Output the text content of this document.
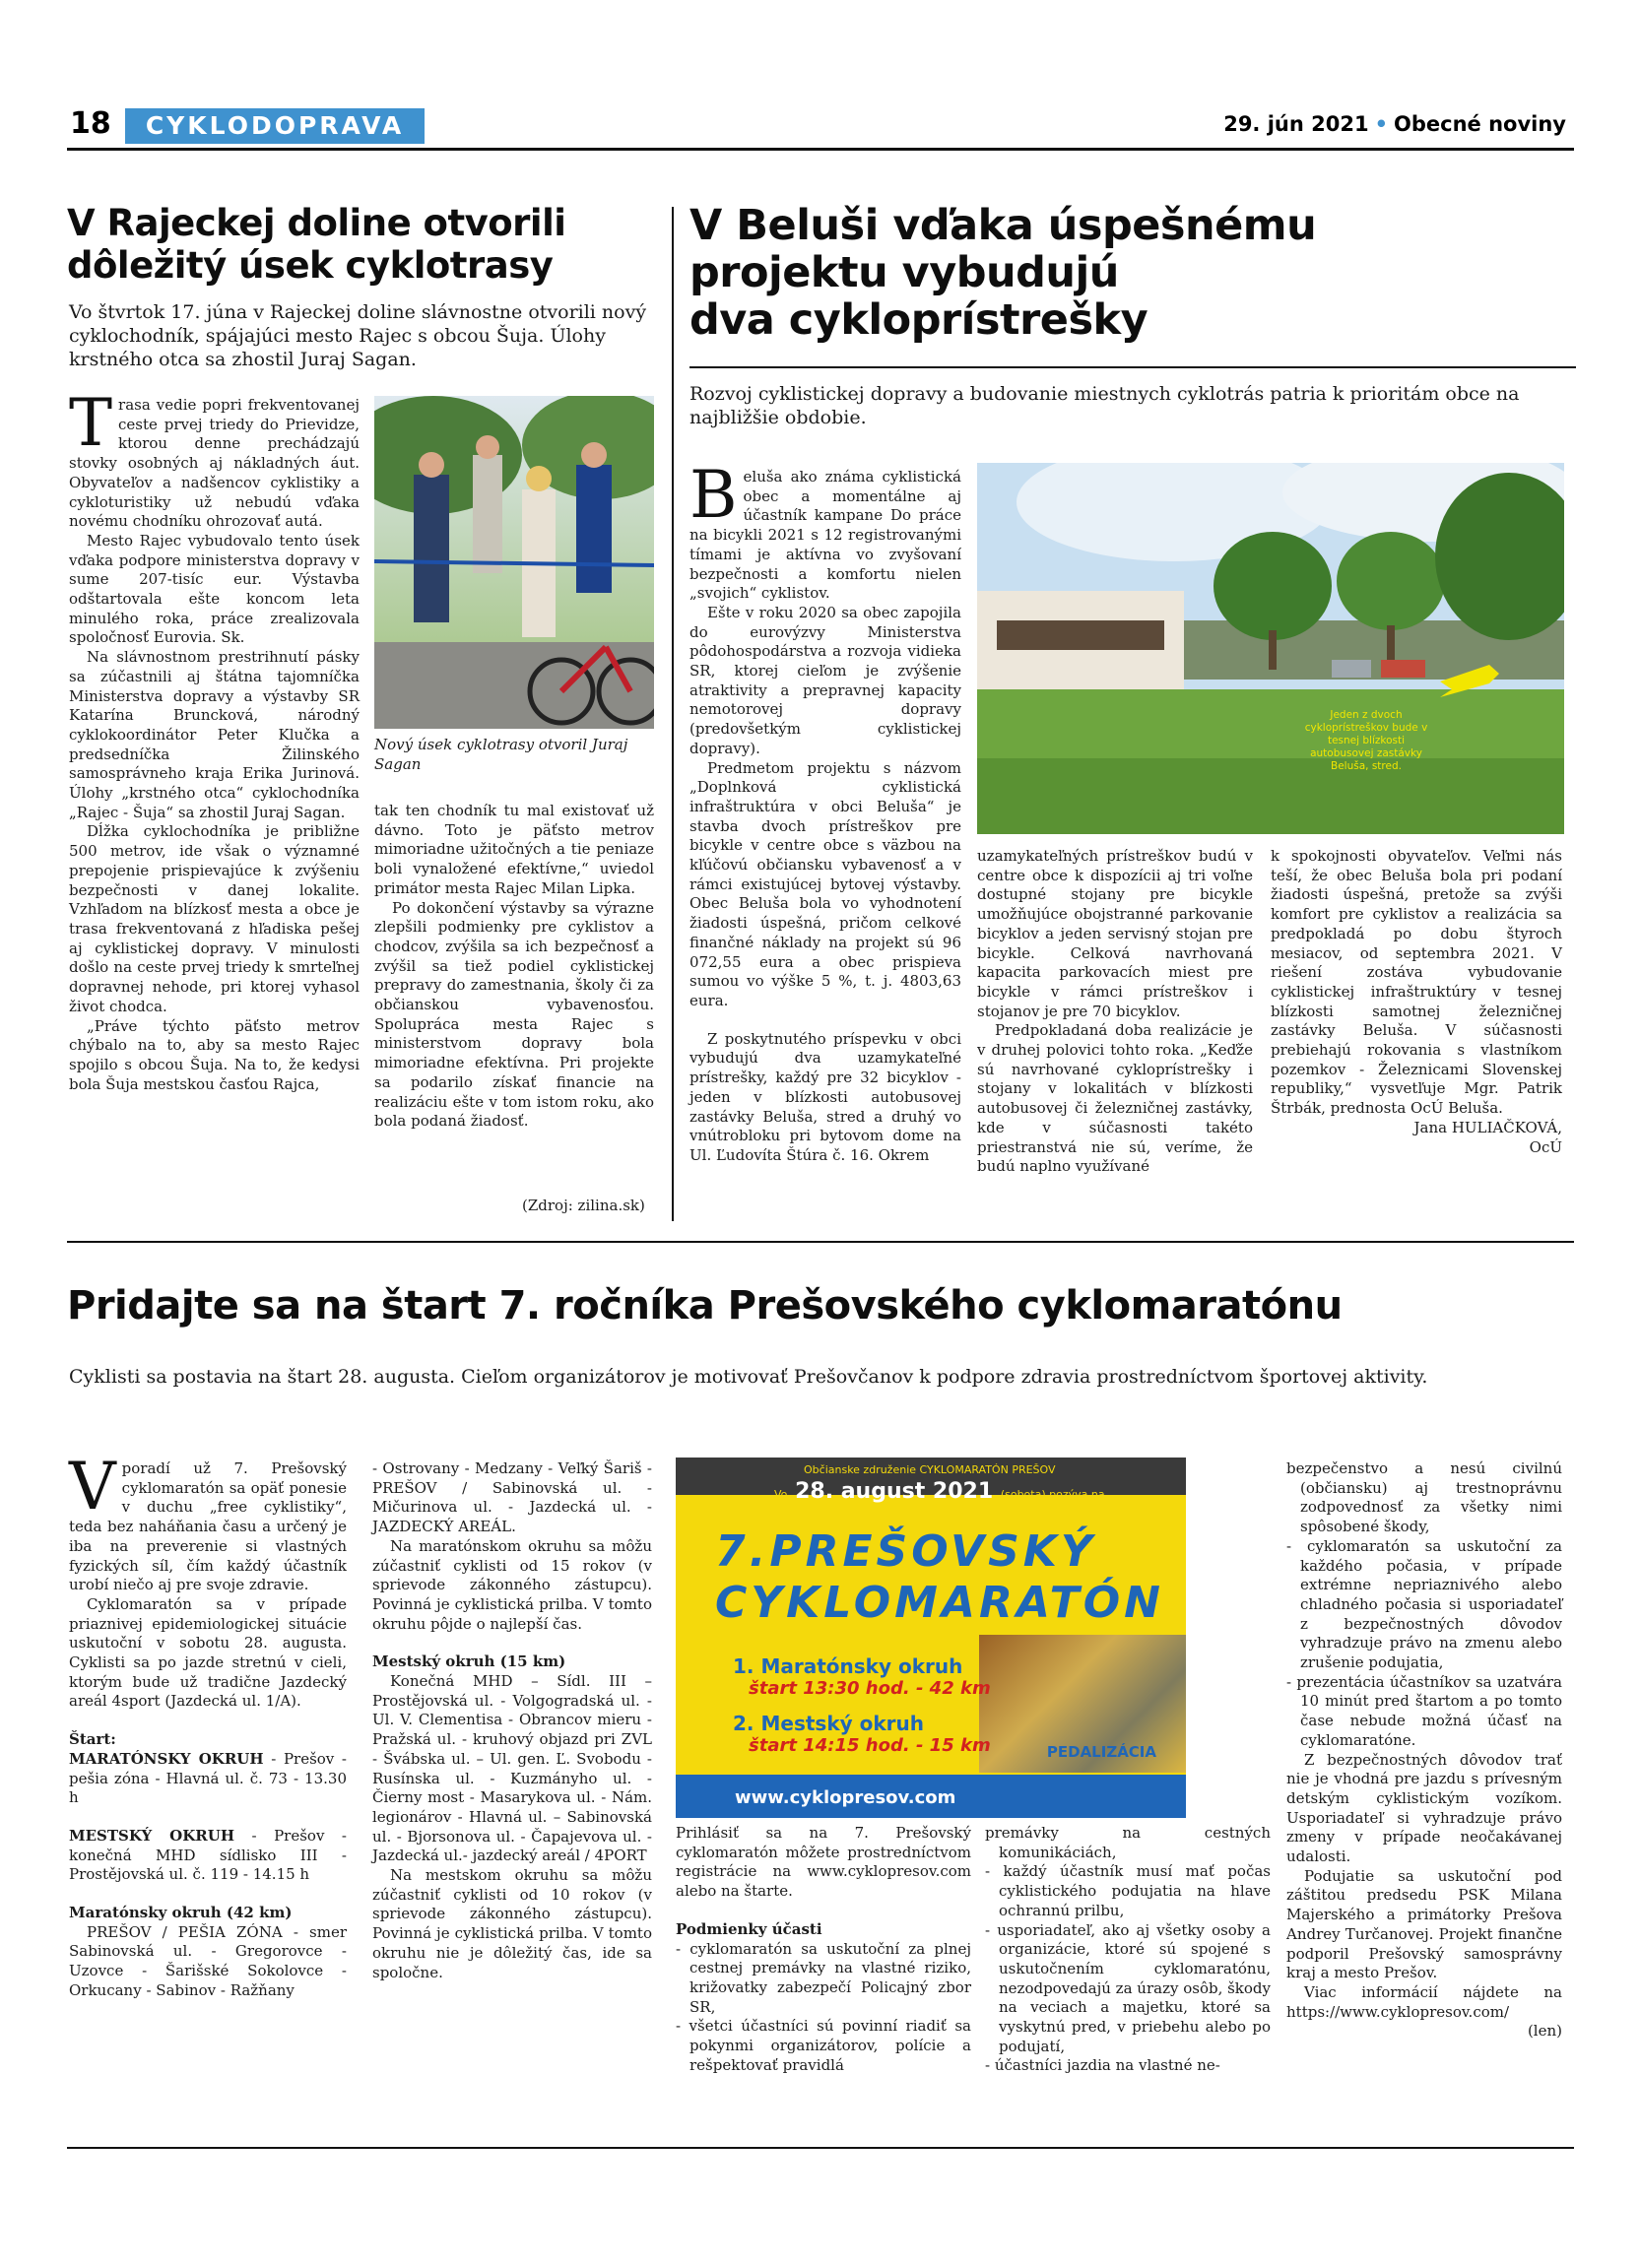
18	CYKLODOPRAVA	29. jún 2021 • Obecné noviny
V Rajeckej doline otvorili
dôležitý úsek cyklotrasy
Vo štvrtok 17. júna v Rajeckej doline slávnostne otvorili nový cyklochodník, spájajúci mesto Rajec s obcou Šuja. Úlohy krstného otca sa zhostil Juraj Sagan.

Trasa vedie popri frekventovanej ceste prvej triedy do Prievidze, ktorou denne prechádzajú stovky osobných aj nákladných áut. Obyvateľov a nadšencov cyklistiky a cykloturistiky už nebudú vďaka novému chodníku ohrozovať autá.

Mesto Rajec vybudovalo tento úsek vďaka podpore ministerstva dopravy v sume 207-tisíc eur. Výstavba odštartovala ešte koncom leta minulého roka, práce zrealizovala spoločnosť Eurovia. Sk.

Na slávnostnom prestrihnutí pásky sa zúčastnili aj štátna tajomníčka Ministerstva dopravy a výstavby SR Katarína Bruncková, národný cyklokoordinátor Peter Klučka a predsedníčka Žilinského samosprávneho kraja Erika Jurinová. Úlohy „krstného otca“ cyklochodníka „Rajec - Šuja“ sa zhostil Juraj Sagan.

Dĺžka cyklochodníka je približne 500 metrov, ide však o významné prepojenie prispievajúce k zvýšeniu bezpečnosti v danej lokalite. Vzhľadom na blízkosť mesta a obce je trasa frekventovaná z hľadiska pešej aj cyklistickej dopravy. V minulosti došlo na ceste prvej triedy k smrteľnej dopravnej nehode, pri ktorej vyhasol život chodca.

„Práve týchto päťsto metrov chýbalo na to, aby sa mesto Rajec spojilo s obcou Šuja. Na to, že kedysi bola Šuja mestskou časťou Rajca,

Nový úsek cyklotrasy otvoril Juraj Sagan

tak ten chodník tu mal existovať už dávno. Toto je päťsto metrov mimoriadne užitočných a tie peniaze boli vynaložené efektívne,“ uviedol primátor mesta Rajec Milan Lipka.

Po dokončení výstavby sa výrazne zlepšili podmienky pre cyklistov a chodcov, zvýšila sa ich bezpečnosť a zvýšil sa tiež podiel cyklistickej prepravy do zamestnania, školy či za občianskou vybavenosťou. Spolupráca mesta Rajec s ministerstvom dopravy bola mimoriadne efektívna. Pri projekte sa podarilo získať financie na realizáciu ešte v tom istom roku, ako bola podaná žiadosť.

(Zdroj: zilina.sk)
V Beluši vďaka úspešnému
projektu vybudujú
dva cykloprístrešky
Rozvoj cyklistickej dopravy a budovanie miestnych cyklotrás patria k prioritám obce na najbližšie obdobie.

Beluša ako známa cyklistická obec a momentálne aj účastník kampane Do práce na bicykli 2021 s 12 registrovanými tímami je aktívna vo zvyšovaní bezpečnosti a komfortu nielen „svojich“ cyklistov.

Ešte v roku 2020 sa obec zapojila do eurovýzvy Ministerstva pôdohospodárstva a rozvoja vidieka SR, ktorej cieľom je zvýšenie atraktivity a prepravnej kapacity nemotorovej dopravy (predovšetkým cyklistickej dopravy).

Predmetom projektu s názvom „Doplnková cyklistická infraštruktúra v obci Beluša“ je stavba dvoch prístreškov pre bicykle v centre obce s väzbou na kľúčovú občiansku vybavenosť a v rámci existujúcej bytovej výstavby. Obec Beluša bola vo vyhodnotení žiadosti úspešná, pričom celkové finančné náklady na projekt sú 96 072,55 eura a obec prispieva sumou vo výške 5 %, t. j. 4803,63 eura.

Z poskytnutého príspevku v obci vybudujú dva uzamykateľné prístrešky, každý pre 32 bicyklov - jeden v blízkosti autobusovej zastávky Beluša, stred a druhý vo vnútrobloku pri bytovom dome na Ul. Ľudovíta Štúra č. 16. Okrem

Jeden z dvoch cykloprístreškov bude v tesnej blízkosti autobusovej zastávky Beluša, stred.

uzamykateľných prístreškov budú v centre obce k dispozícii aj tri voľne dostupné stojany pre bicykle umožňujúce obojstranné parkovanie bicyklov a jeden servisný stojan pre bicykle. Celková navrhovaná kapacita parkovacích miest pre bicykle v rámci prístreškov i stojanov je pre 70 bicyklov.

Predpokladaná doba realizácie je v druhej polovici tohto roka. „Keďže sú navrhované cykloprístrešky i stojany v lokalitách v blízkosti autobusovej či železničnej zastávky, kde v súčasnosti takéto priestranstvá nie sú, veríme, že budú naplno využívané

k spokojnosti obyvateľov. Veľmi nás teší, že obec Beluša bola pri podaní žiadosti úspešná, pretože sa zvýši komfort pre cyklistov a realizácia sa predpokladá po dobu štyroch mesiacov, od septembra 2021. V riešení zostáva vybudovanie cyklistickej infraštruktúry v tesnej blízkosti samotnej železničnej zastávky Beluša. V súčasnosti prebiehajú rokovania s vlastníkom pozemkov - Železnicami Slovenskej republiky,“ vysvetľuje Mgr. Patrik Štrbák, prednosta OcÚ Beluša.

Jana HULIAČKOVÁ,

OcÚ

Pridajte sa na štart 7. ročníka Prešovského cyklomaratónu
Cyklisti sa postavia na štart 28. augusta. Cieľom organizátorov je motivovať Prešovčanov k podpore zdravia prostredníctvom športovej aktivity.

Vporadí už 7. Prešovský cyklomaratón sa opäť ponesie v duchu „free cyklistiky“, teda bez naháňania času a určený je iba na preverenie si vlastných fyzických síl, čím každý účastník urobí niečo aj pre svoje zdravie.

Cyklomaratón sa v prípade priaznivej epidemiologickej situácie uskutoční v sobotu 28. augusta. Cyklisti sa po jazde stretnú v cieli, ktorým bude už tradične Jazdecký areál 4sport (Jazdecká ul. 1/A).

Štart:

MARATÓNSKY OKRUH - Prešov - pešia zóna - Hlavná ul. č. 73 - 13.30 h

MESTSKÝ OKRUH - Prešov - konečná MHD sídlisko III - Prostějovská ul. č. 119 - 14.15 h

Maratónsky okruh (42 km)

PREŠOV / PEŠIA ZÓNA - smer Sabinovská ul. - Gregorovce - Uzovce - Šarišské Sokolovce - Orkucany - Sabinov - Ražňany

- Ostrovany - Medzany - Veľký Šariš - PREŠOV / Sabinovská ul. - Mičurinova ul. - Jazdecká ul. - JAZDECKÝ AREÁL.

Na maratónskom okruhu sa môžu zúčastniť cyklisti od 15 rokov (v sprievode zákonného zástupcu). Povinná je cyklistická prilba. V tomto okruhu pôjde o najlepší čas.

Mestský okruh (15 km)

Konečná MHD – Sídl. III – Prostějovská ul. - Volgogradská ul. - Ul. V. Clementisa - Obrancov mieru - Pražská ul. - kruhový objazd pri ZVL - Švábska ul. – Ul. gen. Ľ. Svobodu - Rusínska ul. - Kuzmányho ul. - Čierny most - Masarykova ul. - Nám. legionárov - Hlavná ul. – Sabinovská ul. - Bjorsonova ul. - Čapajevova ul. - Jazdecká ul.- jazdecký areál / 4PORT

Na mestskom okruhu sa môžu zúčastniť cyklisti od 10 rokov (v sprievode zákonného zástupcu). Povinná je cyklistická prilba. V tomto okruhu nie je dôležitý čas, ide sa spoločne.

Občianske združenie CYKLOMARATÓN PREŠOV
Vo 28. august 2021 (sobota) pozýva na
7.PREŠOVSKÝ
CYKLOMARATÓN
1. Maratónsky okruh
štart 13:30 hod. - 42 km
2. Mestský okruh
štart 14:15 hod. - 15 km	PEDALIZÁCIA
www.cyklopresov.com

Prihlásiť sa na 7. Prešovský cyklomaratón môžete prostredníctvom registrácie na www.cyklopresov.com alebo na štarte.

Podmienky účasti

- cyklomaratón sa uskutoční za plnej cestnej premávky na vlastné riziko, križovatky zabezpečí Policajný zbor SR,
- všetci účastníci sú povinní riadiť sa pokynmi organizátorov, polície a rešpektovať pravidlá
premávky na cestných komunikáciách,
- každý účastník musí mať počas cyklistického podujatia na hlave ochrannú prilbu,
- usporiadateľ, ako aj všetky osoby a organizácie, ktoré sú spojené s uskutočnením cyklomaratónu, nezodpovedajú za úrazy osôb, škody na veciach a majetku, ktoré sa vyskytnú pred, v priebehu alebo po podujatí,
- účastníci jazdia na vlastné ne-
bezpečenstvo a nesú civilnú (občiansku) aj trestnoprávnu zodpovednosť za všetky nimi spôsobené škody,
- cyklomaratón sa uskutoční za každého počasia, v prípade extrémne nepriaznivého alebo chladného počasia si usporiadateľ z bezpečnostných dôvodov vyhradzuje právo na zmenu alebo zrušenie podujatia,
- prezentácia účastníkov sa uzatvára 10 minút pred štartom a po tomto čase nebude možná účasť na cyklomaratóne.

Z bezpečnostných dôvodov trať nie je vhodná pre jazdu s prívesným detským cyklistickým vozíkom. Usporiadateľ si vyhradzuje právo zmeny v prípade neočakávanej udalosti.

Podujatie sa uskutoční pod záštitou predsedu PSK Milana Majerského a primátorky Prešova Andrey Turčanovej. Projekt finančne podporil Prešovský samosprávny kraj a mesto Prešov.

Viac informácií nájdete na https://www.cyklopresov.com/

(len)
